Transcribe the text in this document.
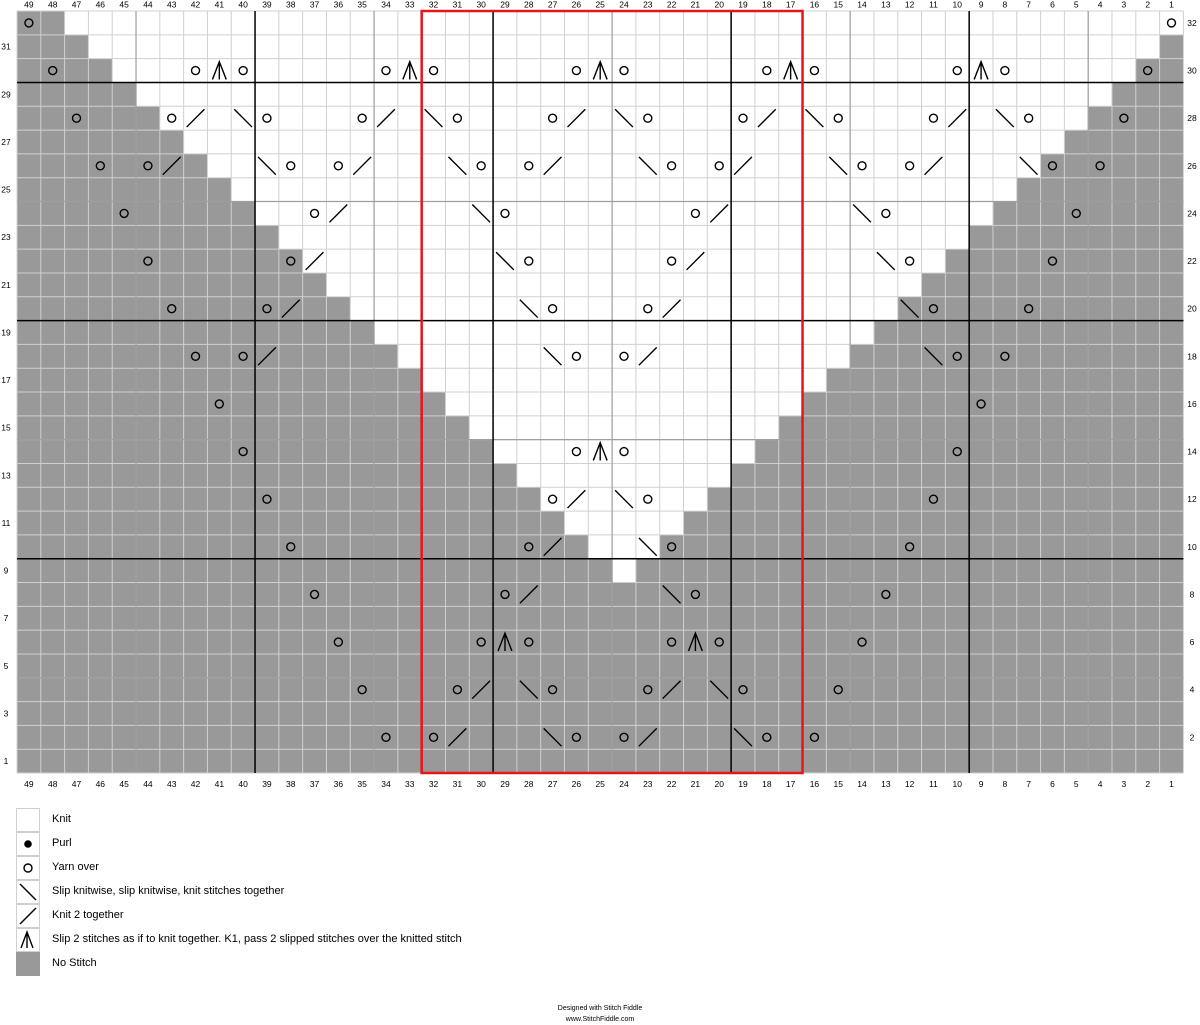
49
49
48
48
47
47
46
46
45
45
44
44
43
43
42
42
41
41
40
40
39
39
38
38
37
37
36
36
35
35
34
34
33
33
32
32
31
31
30
30
29
29
28
28
27
27
26
26
25
25
24
24
23
23
22
22
21
21
20
20
19
19
18
18
17
17
16
16
15
15
14
14
13
13
12
12
11
11
10
10
9
9
8
8
7
7
6
6
5
5
4
4
3
3
2
2
1
1
31
29
27
25
23
21
19
17
15
13
11
9
7
5
3
1
32
30
28
26
24
22
20
18
16
14
12
10
8
6
4
2
Knit
Purl
Yarn over
Slip knitwise, slip knitwise, knit stitches together
Knit 2 together
Slip 2 stitches as if to knit together. K1, pass 2 slipped stitches over the knitted stitch
No Stitch
Designed with Stitch Fiddle
www.StitchFiddle.com
